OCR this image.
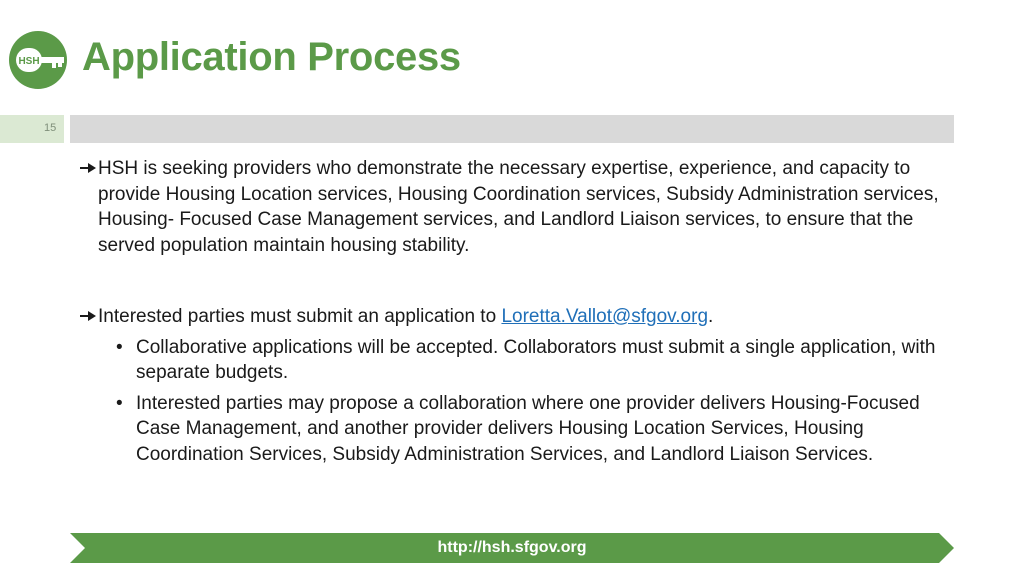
HSH Application Process
15
HSH is seeking providers who demonstrate the necessary expertise, experience, and capacity to provide Housing Location services, Housing Coordination services, Subsidy Administration services, Housing- Focused Case Management services, and Landlord Liaison services, to ensure that the served population maintain housing stability.
Interested parties must submit an application to Loretta.Vallot@sfgov.org.
• Collaborative applications will be accepted. Collaborators must submit a single application, with separate budgets.
• Interested parties may propose a collaboration where one provider delivers Housing-Focused Case Management, and another provider delivers Housing Location Services, Housing Coordination Services, Subsidy Administration Services, and Landlord Liaison Services.
http://hsh.sfgov.org
